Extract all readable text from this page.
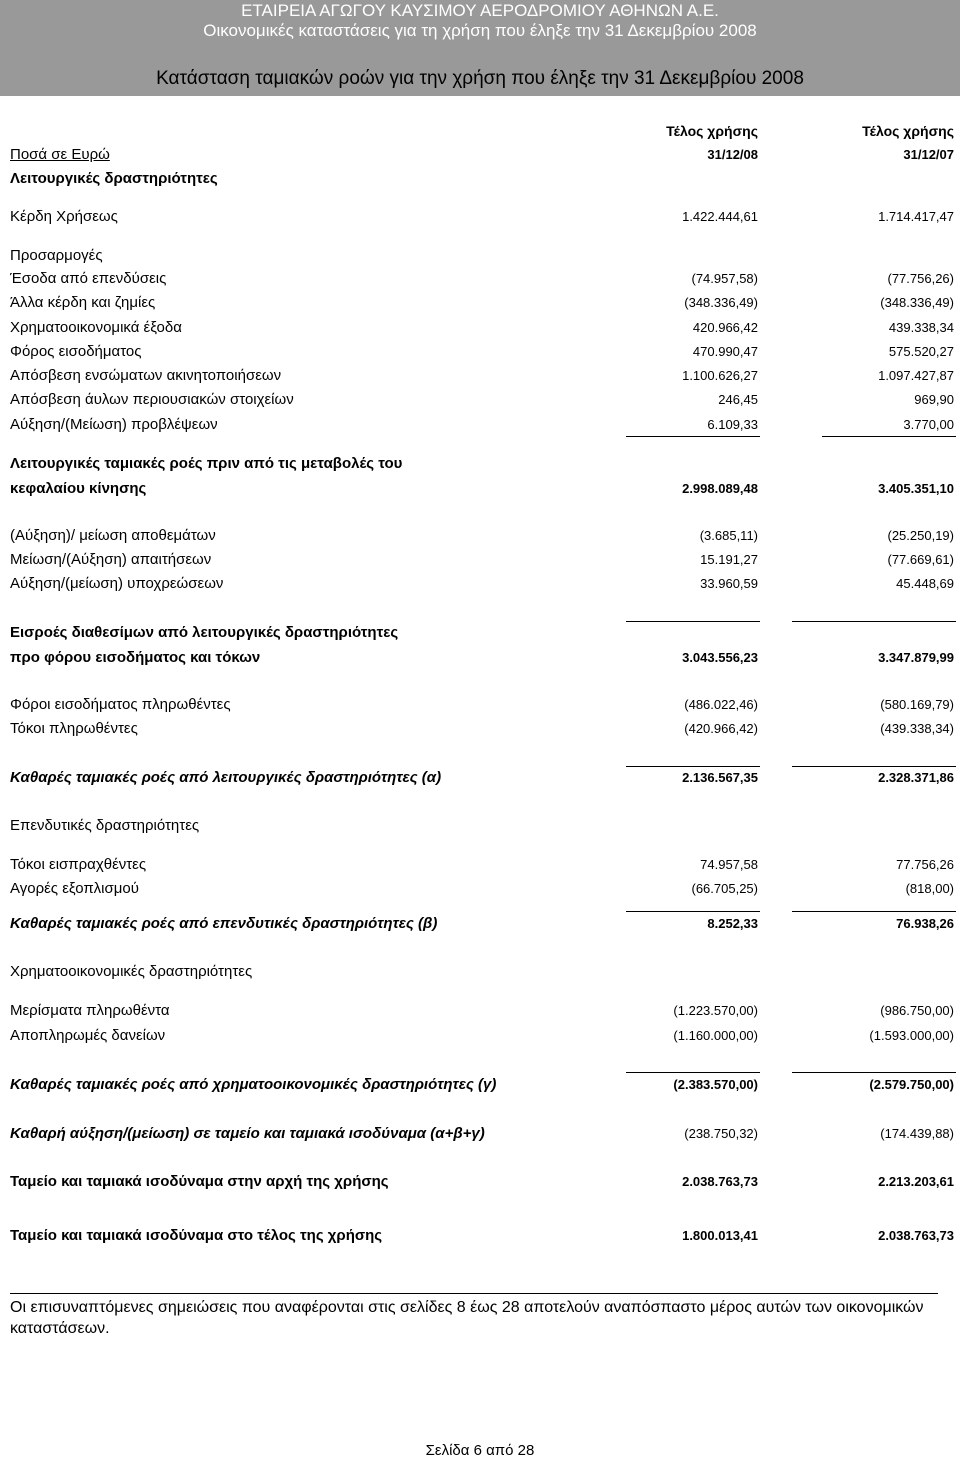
ΕΤΑΙΡΕΙΑ ΑΓΩΓΟΥ ΚΑΥΣΙΜΟΥ ΑΕΡΟΔΡΟΜΙΟΥ ΑΘΗΝΩΝ Α.Ε.
Οικονομικές καταστάσεις για τη χρήση που έληξε την 31 Δεκεμβρίου 2008
Κατάσταση ταμιακών ροών για την χρήση που έληξε την 31 Δεκεμβρίου 2008
Τέλος χρήσης	Τέλος χρήσης
Ποσά σε Ευρώ	31/12/08	31/12/07
Λειτουργικές δραστηριότητες
Κέρδη Χρήσεως	1.422.444,61	1.714.417,47
Προσαρμογές
Έσοδα από επενδύσεις	(74.957,58)	(77.756,26)
Άλλα κέρδη και ζημίες	(348.336,49)	(348.336,49)
Χρηματοοικονομικά έξοδα	420.966,42	439.338,34
Φόρος εισοδήματος	470.990,47	575.520,27
Απόσβεση ενσώματων ακινητοποιήσεων	1.100.626,27	1.097.427,87
Απόσβεση άυλων περιουσιακών στοιχείων	246,45	969,90
Αύξηση/(Μείωση) προβλέψεων	6.109,33	3.770,00
Λειτουργικές ταμιακές ροές πριν από τις μεταβολές του
κεφαλαίου κίνησης	2.998.089,48	3.405.351,10
(Αύξηση)/ μείωση αποθεμάτων	(3.685,11)	(25.250,19)
Μείωση/(Αύξηση) απαιτήσεων	15.191,27	(77.669,61)
Αύξηση/(μείωση) υποχρεώσεων	33.960,59	45.448,69
Εισροές διαθεσίμων από λειτουργικές δραστηριότητες
προ φόρου εισοδήματος και τόκων	3.043.556,23	3.347.879,99
Φόροι εισοδήματος πληρωθέντες	(486.022,46)	(580.169,79)
Τόκοι πληρωθέντες	(420.966,42)	(439.338,34)
Καθαρές ταμιακές ροές από λειτουργικές δραστηριότητες (α)	2.136.567,35	2.328.371,86
Επενδυτικές δραστηριότητες
Τόκοι εισπραχθέντες	74.957,58	77.756,26
Αγορές εξοπλισμού	(66.705,25)	(818,00)
Καθαρές ταμιακές ροές από επενδυτικές δραστηριότητες (β)	8.252,33	76.938,26
Χρηματοοικονομικές δραστηριότητες
Μερίσματα πληρωθέντα	(1.223.570,00)	(986.750,00)
Αποπληρωμές δανείων	(1.160.000,00)	(1.593.000,00)
Καθαρές ταμιακές ροές από χρηματοοικονομικές δραστηριότητες (γ)	(2.383.570,00)	(2.579.750,00)
Καθαρή αύξηση/(μείωση) σε ταμείο και ταμιακά ισοδύναμα (α+β+γ)	(238.750,32)	(174.439,88)
Ταμείο και ταμιακά ισοδύναμα στην αρχή της χρήσης	2.038.763,73	2.213.203,61
Ταμείο και ταμιακά ισοδύναμα στο τέλος της χρήσης	1.800.013,41	2.038.763,73
Οι επισυναπτόμενες σημειώσεις που αναφέρονται στις σελίδες 8 έως 28 αποτελούν αναπόσπαστο μέρος αυτών των οικονομικών καταστάσεων.
Σελίδα 6 από 28
